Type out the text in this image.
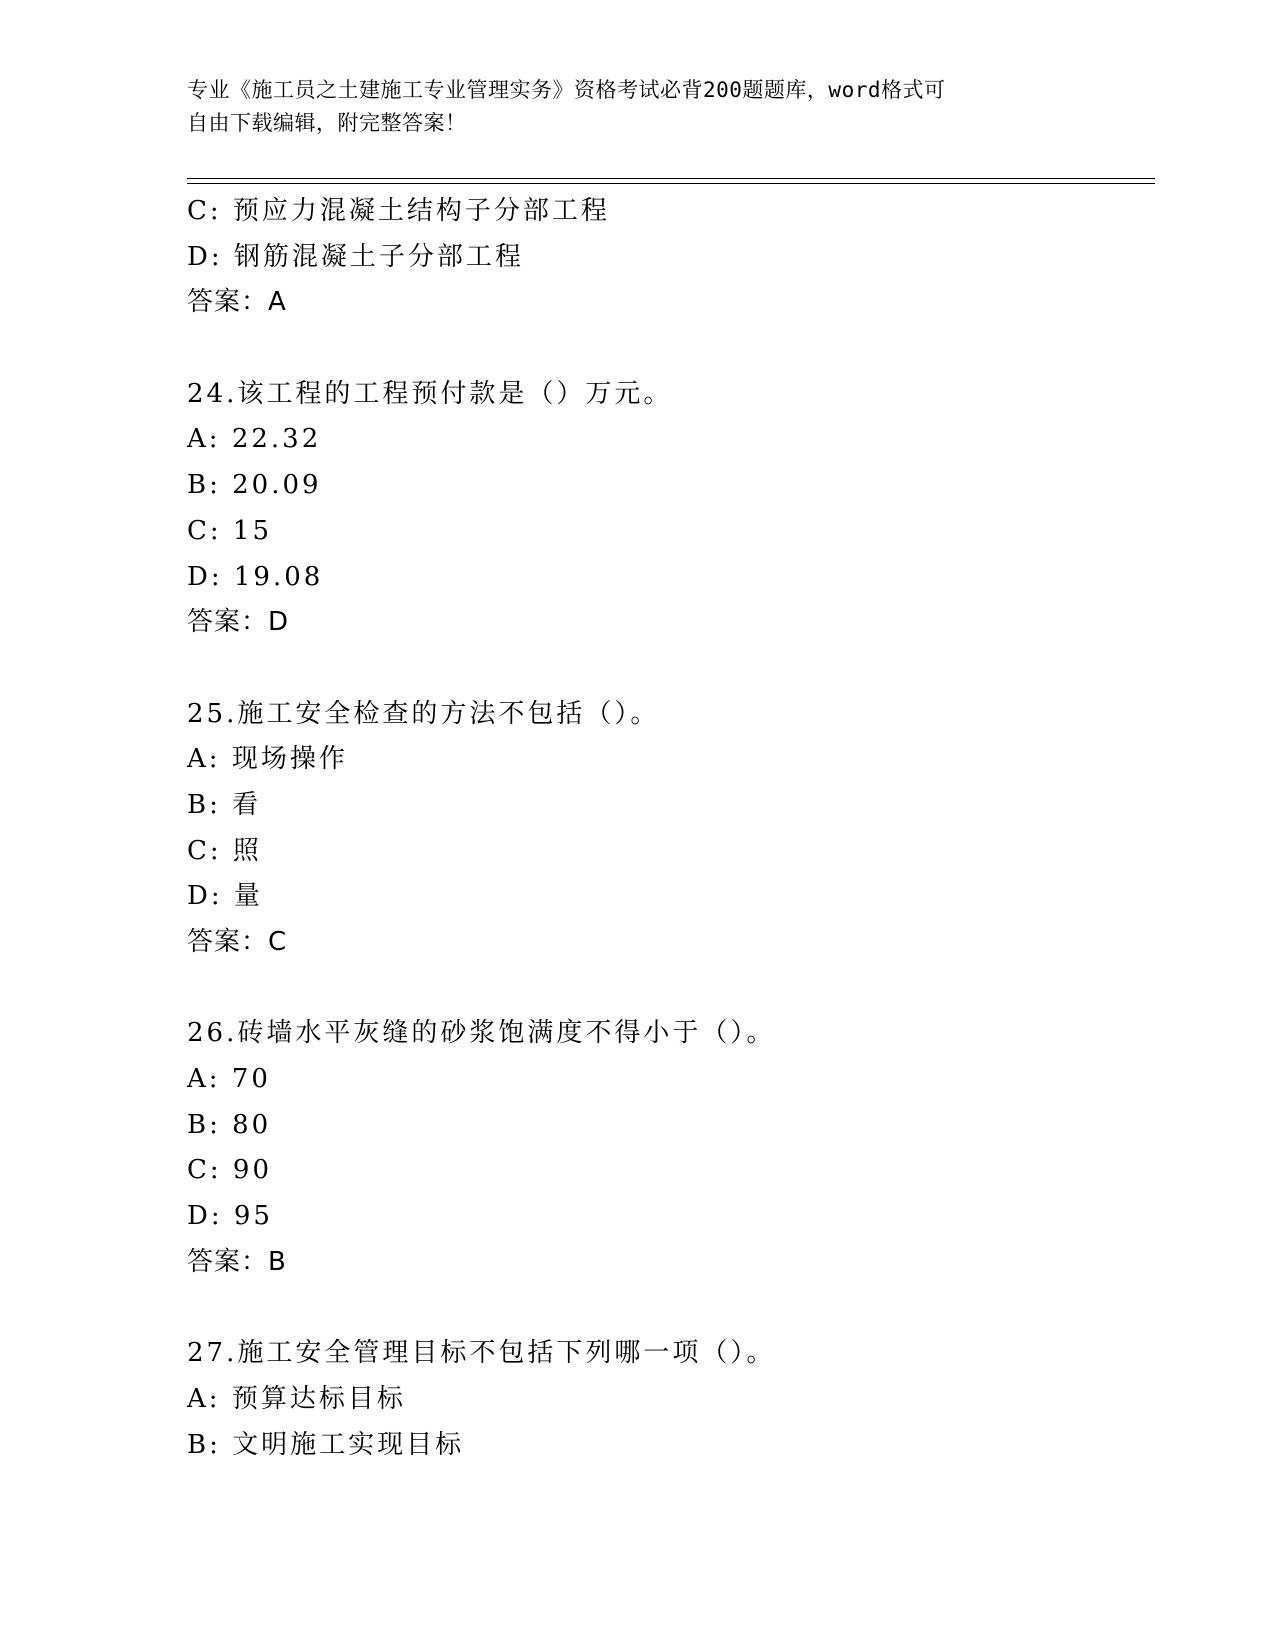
专业《施工员之土建施工专业管理实务》资格考试必背200题题库，word格式可
自由下载编辑，附完整答案！
C: 预应力混凝土结构子分部工程
D: 钢筋混凝土子分部工程
答案：A
24.该工程的工程预付款是（）万元。
A: 22.32
B: 20.09
C: 15
D: 19.08
答案：D
25.施工安全检查的方法不包括（）。
A: 现场操作
B: 看
C: 照
D: 量
答案：C
26.砖墙水平灰缝的砂浆饱满度不得小于（）。
A: 70
B: 80
C: 90
D: 95
答案：B
27.施工安全管理目标不包括下列哪一项（）。
A: 预算达标目标
B: 文明施工实现目标
